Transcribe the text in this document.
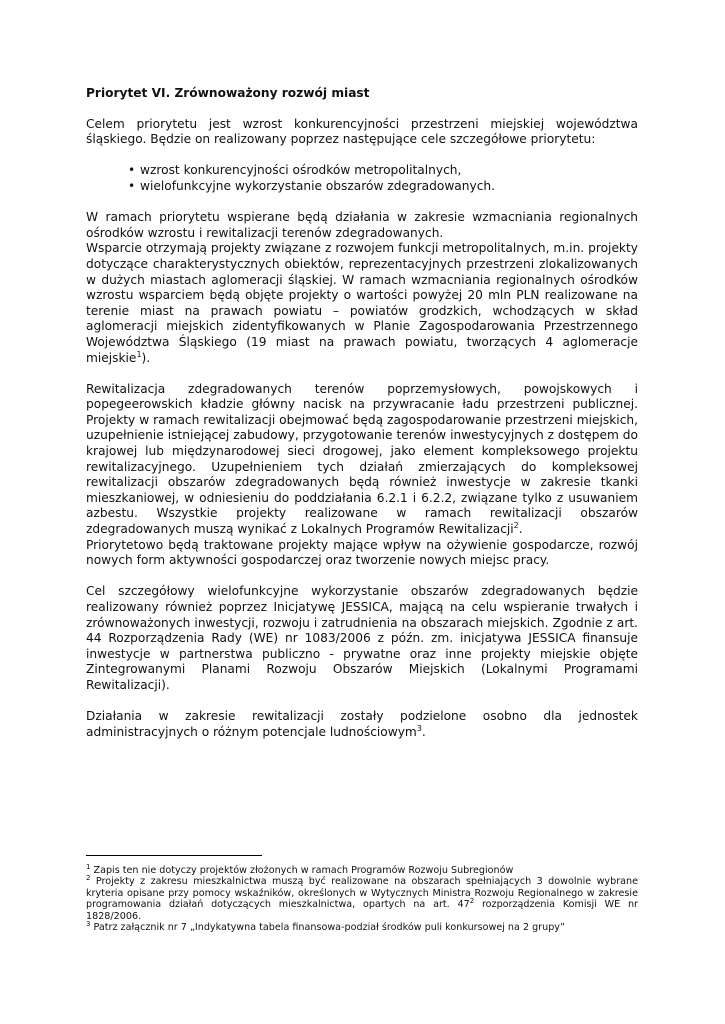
Priorytet VI. Zrównoważony rozwój miast

Celem priorytetu jest wzrost konkurencyjności przestrzeni miejskiej województwa śląskiego. Będzie on realizowany poprzez następujące cele szczegółowe priorytetu:

• wzrost konkurencyjności ośrodków metropolitalnych,
• wielofunkcyjne wykorzystanie obszarów zdegradowanych.

W ramach priorytetu wspierane będą działania w zakresie wzmacniania regionalnych ośrodków wzrostu i rewitalizacji terenów zdegradowanych.

Wsparcie otrzymają projekty związane z rozwojem funkcji metropolitalnych, m.in. projekty dotyczące charakterystycznych obiektów, reprezentacyjnych przestrzeni zlokalizowanych w dużych miastach aglomeracji śląskiej. W ramach wzmacniania regionalnych ośrodków wzrostu wsparciem będą objęte projekty o wartości powyżej 20 mln PLN realizowane na terenie miast na prawach powiatu – powiatów grodzkich, wchodzących w skład aglomeracji miejskich zidentyfikowanych w Planie Zagospodarowania Przestrzennego Województwa Śląskiego (19 miast na prawach powiatu, tworzących 4 aglomeracje miejskie$^1$).

Rewitalizacja zdegradowanych terenów poprzemysłowych, powojskowych i popegeerowskich kładzie główny nacisk na przywracanie ładu przestrzeni publicznej. Projekty w ramach rewitalizacji obejmować będą zagospodarowanie przestrzeni miejskich, uzupełnienie istniejącej zabudowy, przygotowanie terenów inwestycyjnych z dostępem do krajowej lub międzynarodowej sieci drogowej, jako element kompleksowego projektu rewitalizacyjnego. Uzupełnieniem tych działań zmierzających do kompleksowej rewitalizacji obszarów zdegradowanych będą również inwestycje w zakresie tkanki mieszkaniowej, w odniesieniu do poddziałania 6.2.1 i 6.2.2, związane tylko z usuwaniem azbestu. Wszystkie projekty realizowane w ramach rewitalizacji obszarów zdegradowanych muszą wynikać z Lokalnych Programów Rewitalizacji$^2$.

Priorytetowo będą traktowane projekty mające wpływ na ożywienie gospodarcze, rozwój nowych form aktywności gospodarczej oraz tworzenie nowych miejsc pracy.

Cel szczegółowy wielofunkcyjne wykorzystanie obszarów zdegradowanych będzie realizowany również poprzez Inicjatywę JESSICA, mającą na celu wspieranie trwałych i zrównoważonych inwestycji, rozwoju i zatrudnienia na obszarach miejskich. Zgodnie z art. 44 Rozporządzenia Rady (WE) nr 1083/2006 z późn. zm. inicjatywa JESSICA finansuje inwestycje w partnerstwa publiczno - prywatne oraz inne projekty miejskie objęte Zintegrowanymi Planami Rozwoju Obszarów Miejskich (Lokalnymi Programami Rewitalizacji).

Działania w zakresie rewitalizacji zostały podzielone osobno dla jednostek administracyjnych o różnym potencjale ludnościowym$^3$.

$^1$ Zapis ten nie dotyczy projektów złożonych w ramach Programów Rozwoju Subregionów

$^2$ Projekty z zakresu mieszkalnictwa muszą być realizowane na obszarach spełniających 3 dowolnie wybrane kryteria opisane przy pomocy wskaźników, określonych w Wytycznych Ministra Rozwoju Regionalnego w zakresie programowania działań dotyczących mieszkalnictwa, opartych na art. $47^2$ rozporządzenia Komisji WE nr 1828/2006.

$^3$ Patrz załącznik nr 7 „Indykatywna tabela finansowa-podział środków puli konkursowej na 2 grupy”
